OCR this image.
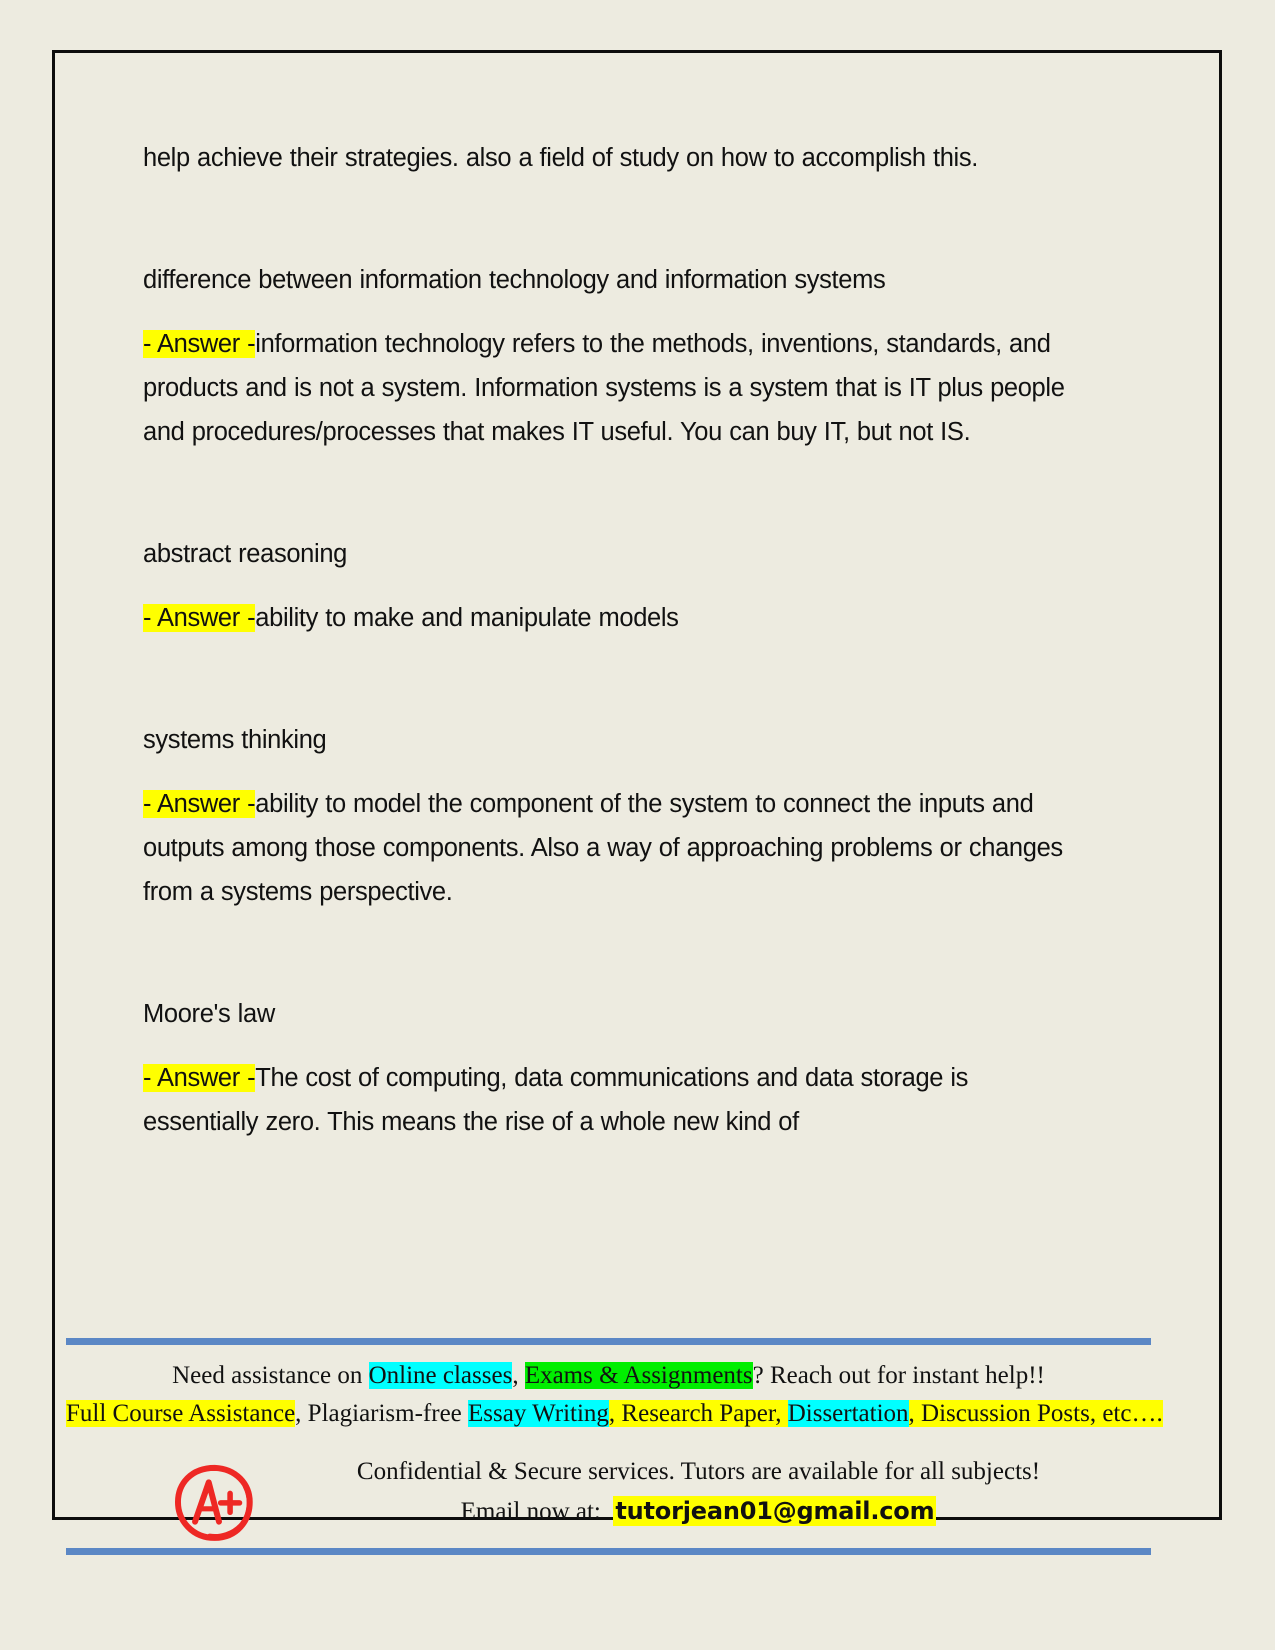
help achieve their strategies. also a field of study on how to accomplish this.

difference between information technology and information systems

- Answer -information technology refers to the methods, inventions, standards, and products and is not a system. Information systems is a system that is IT plus people and procedures/processes that makes IT useful. You can buy IT, but not IS.

abstract reasoning

- Answer -ability to make and manipulate models

systems thinking

- Answer -ability to model the component of the system to connect the inputs and outputs among those components. Also a way of approaching problems or changes from a systems perspective.

Moore's law

- Answer -The cost of computing, data communications and data storage is essentially zero. This means the rise of a whole new kind of

Need assistance on Online classes, Exams & Assignments? Reach out for instant help!!
Full Course Assistance, Plagiarism-free Essay Writing, Research Paper, Dissertation, Discussion Posts, etc….
Confidential & Secure services. Tutors are available for all subjects!
Email now at: tutorjean01@gmail.com
